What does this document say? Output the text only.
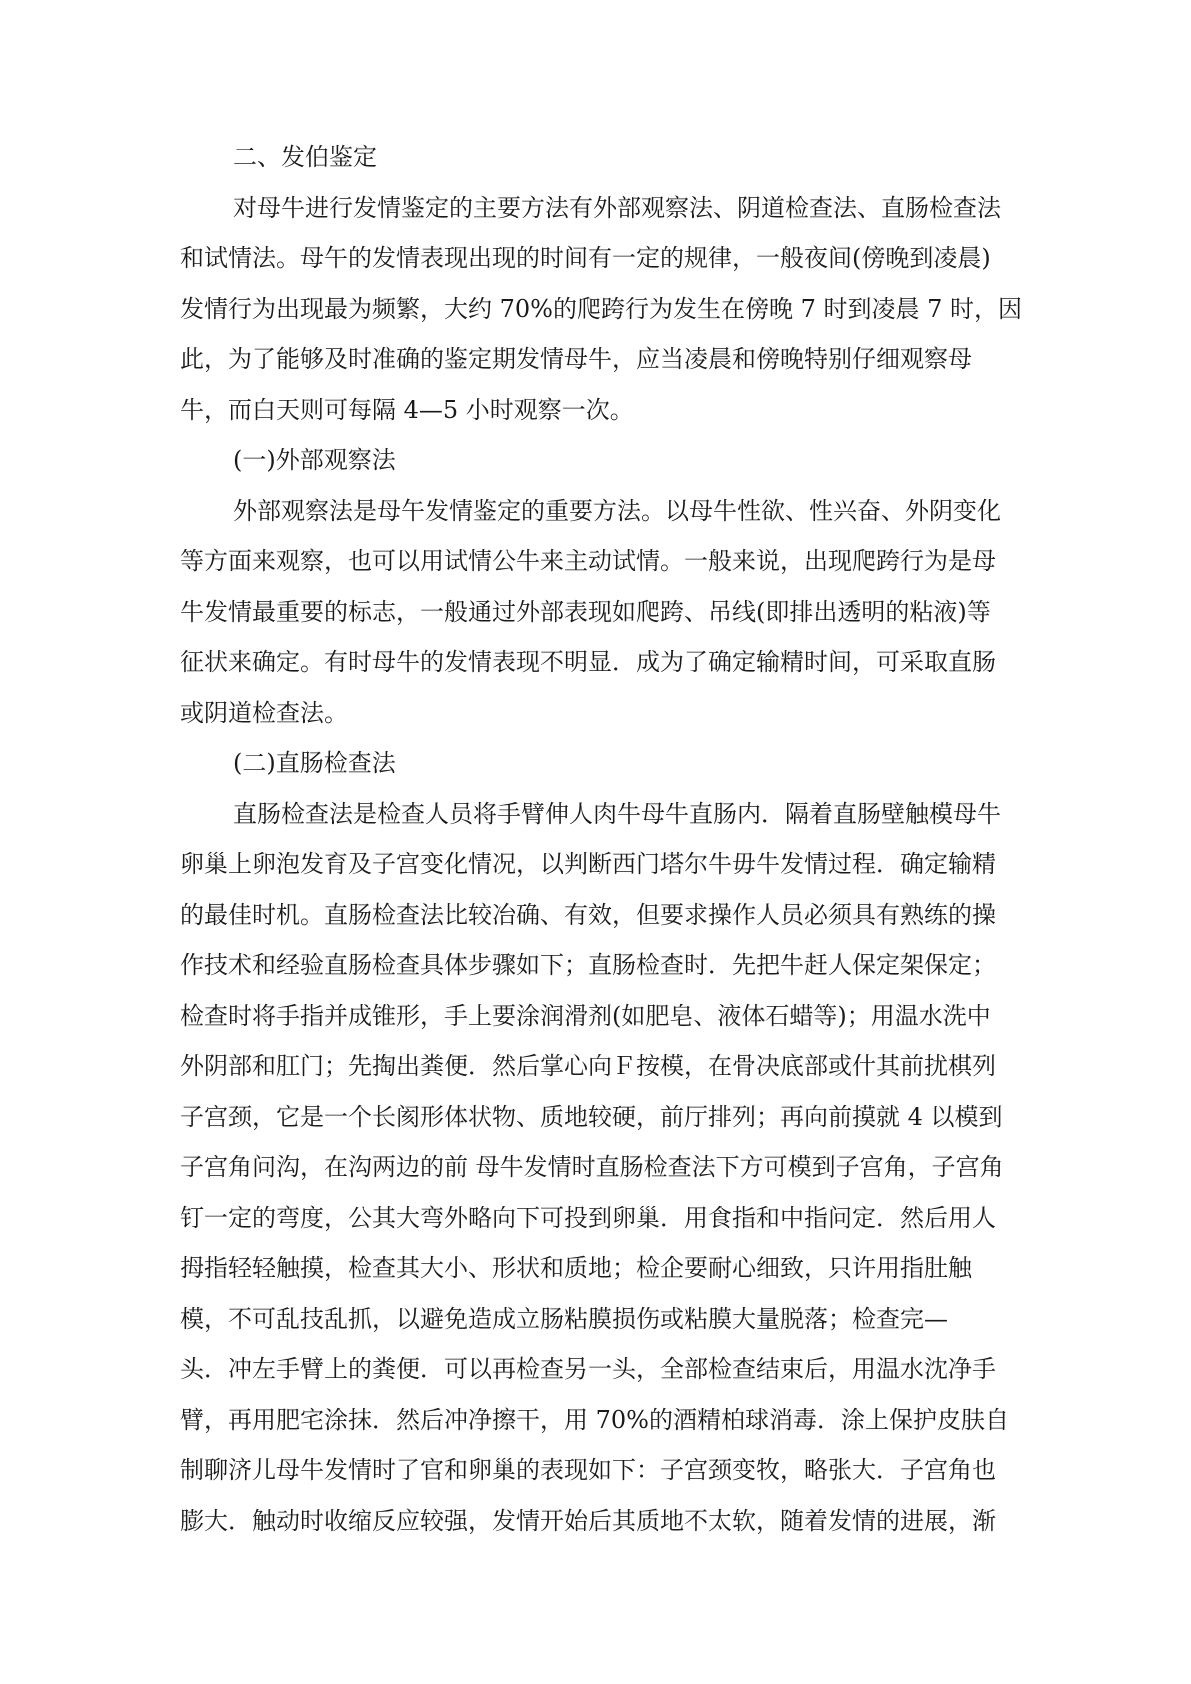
二、发伯鉴定
对母牛进行发情鉴定的主要方法有外部观察法、阴道检查法、直肠检查法
和试情法。母午的发情表现出现的时间有一定的规律，一般夜间(傍晚到凌晨)
发情行为出现最为频繁，大约 70%的爬跨行为发生在傍晚 7 时到凌晨 7 时，因
此，为了能够及时准确的鉴定期发情母牛，应当凌晨和傍晚特别仔细观察母
牛，而白天则可每隔 4—5 小时观察一次。
(一)外部观察法
外部观察法是母午发情鉴定的重要方法。以母牛性欲、性兴奋、外阴变化
等方面来观察，也可以用试情公牛来主动试情。一般来说，出现爬跨行为是母
牛发情最重要的标志，一般通过外部表现如爬跨、吊线(即排出透明的粘液)等
征状来确定。有时母牛的发情表现不明显．成为了确定输精时间，可采取直肠
或阴道检查法。
(二)直肠检查法
直肠检查法是检查人员将手臂伸人肉牛母牛直肠内．隔着直肠壁触模母牛
卵巢上卵泡发育及子宫变化情况，以判断西门塔尔牛毋牛发情过程．确定输精
的最佳时机。直肠检查法比较冶确、有效，但要求操作人员必须具有熟练的操
作技术和经验直肠检查具体步骤如下；直肠检查时．先把牛赶人保定架保定；
检查时将手指并成锥形，手上要涂润滑剂(如肥皂、液体石蜡等)；用温水洗中
外阴部和肛门；先掏出粪便．然后掌心向Ｆ按模，在骨决底部或什其前扰棋列
子宫颈，它是一个长阂形体状物、质地较硬，前厅排列；再向前摸就 4 以模到
子宫角问沟，在沟两边的前 母牛发情时直肠检查法下方可模到子宫角，子宫角
钉一定的弯度，公其大弯外略向下可投到卵巢．用食指和中指问定．然后用人
拇指轻轻触摸，检查其大小、形状和质地；检企要耐心细致，只许用指肚触
模，不可乱技乱抓，以避免造成立肠粘膜损伤或粘膜大量脱落；检查完—
头．冲左手臂上的粪便．可以再检查另一头，全部检查结束后，用温水沈净手
臂，再用肥宅涂抹．然后冲净擦干，用 70%的酒精柏球消毒．涂上保护皮肤自
制聊济儿母牛发情时了官和卵巢的表现如下：子宫颈变牧，略张大．子宫角也
膨大．触动时收缩反应较强，发情开始后其质地不太软，随着发情的进展，渐
